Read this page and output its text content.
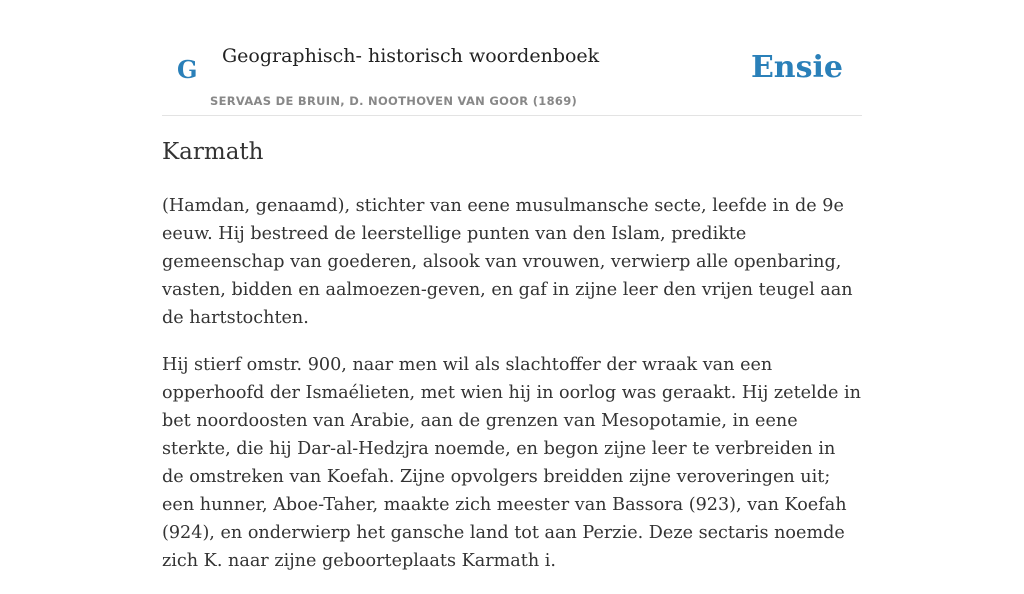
G Geographisch- historisch woordenboek
SERVAAS DE BRUIN, D. NOOTHOVEN VAN GOOR (1869)
Ensie
Karmath

(Hamdan, genaamd), stichter van eene musulmansche secte, leefde in de 9e eeuw. Hij bestreed de leerstellige punten van den Islam, predikte gemeenschap van goederen, alsook van vrouwen, verwierp alle openbaring, vasten, bidden en aalmoezen-geven, en gaf in zijne leer den vrijen teugel aan de hartstochten.

Hij stierf omstr. 900, naar men wil als slachtoffer der wraak van een opperhoofd der Ismaélieten, met wien hij in oorlog was geraakt. Hij zetelde in bet noordoosten van Arabie, aan de grenzen van Mesopotamie, in eene sterkte, die hij Dar-al-Hedzjra noemde, en begon zijne leer te verbreiden in de omstreken van Koefah. Zijne opvolgers breidden zijne veroveringen uit; een hunner, Aboe-Taher, maakte zich meester van Bassora (923), van Koefah (924), en onderwierp het gansche land tot aan Perzie. Deze sectaris noemde zich K. naar zijne geboorteplaats Karmath i.
